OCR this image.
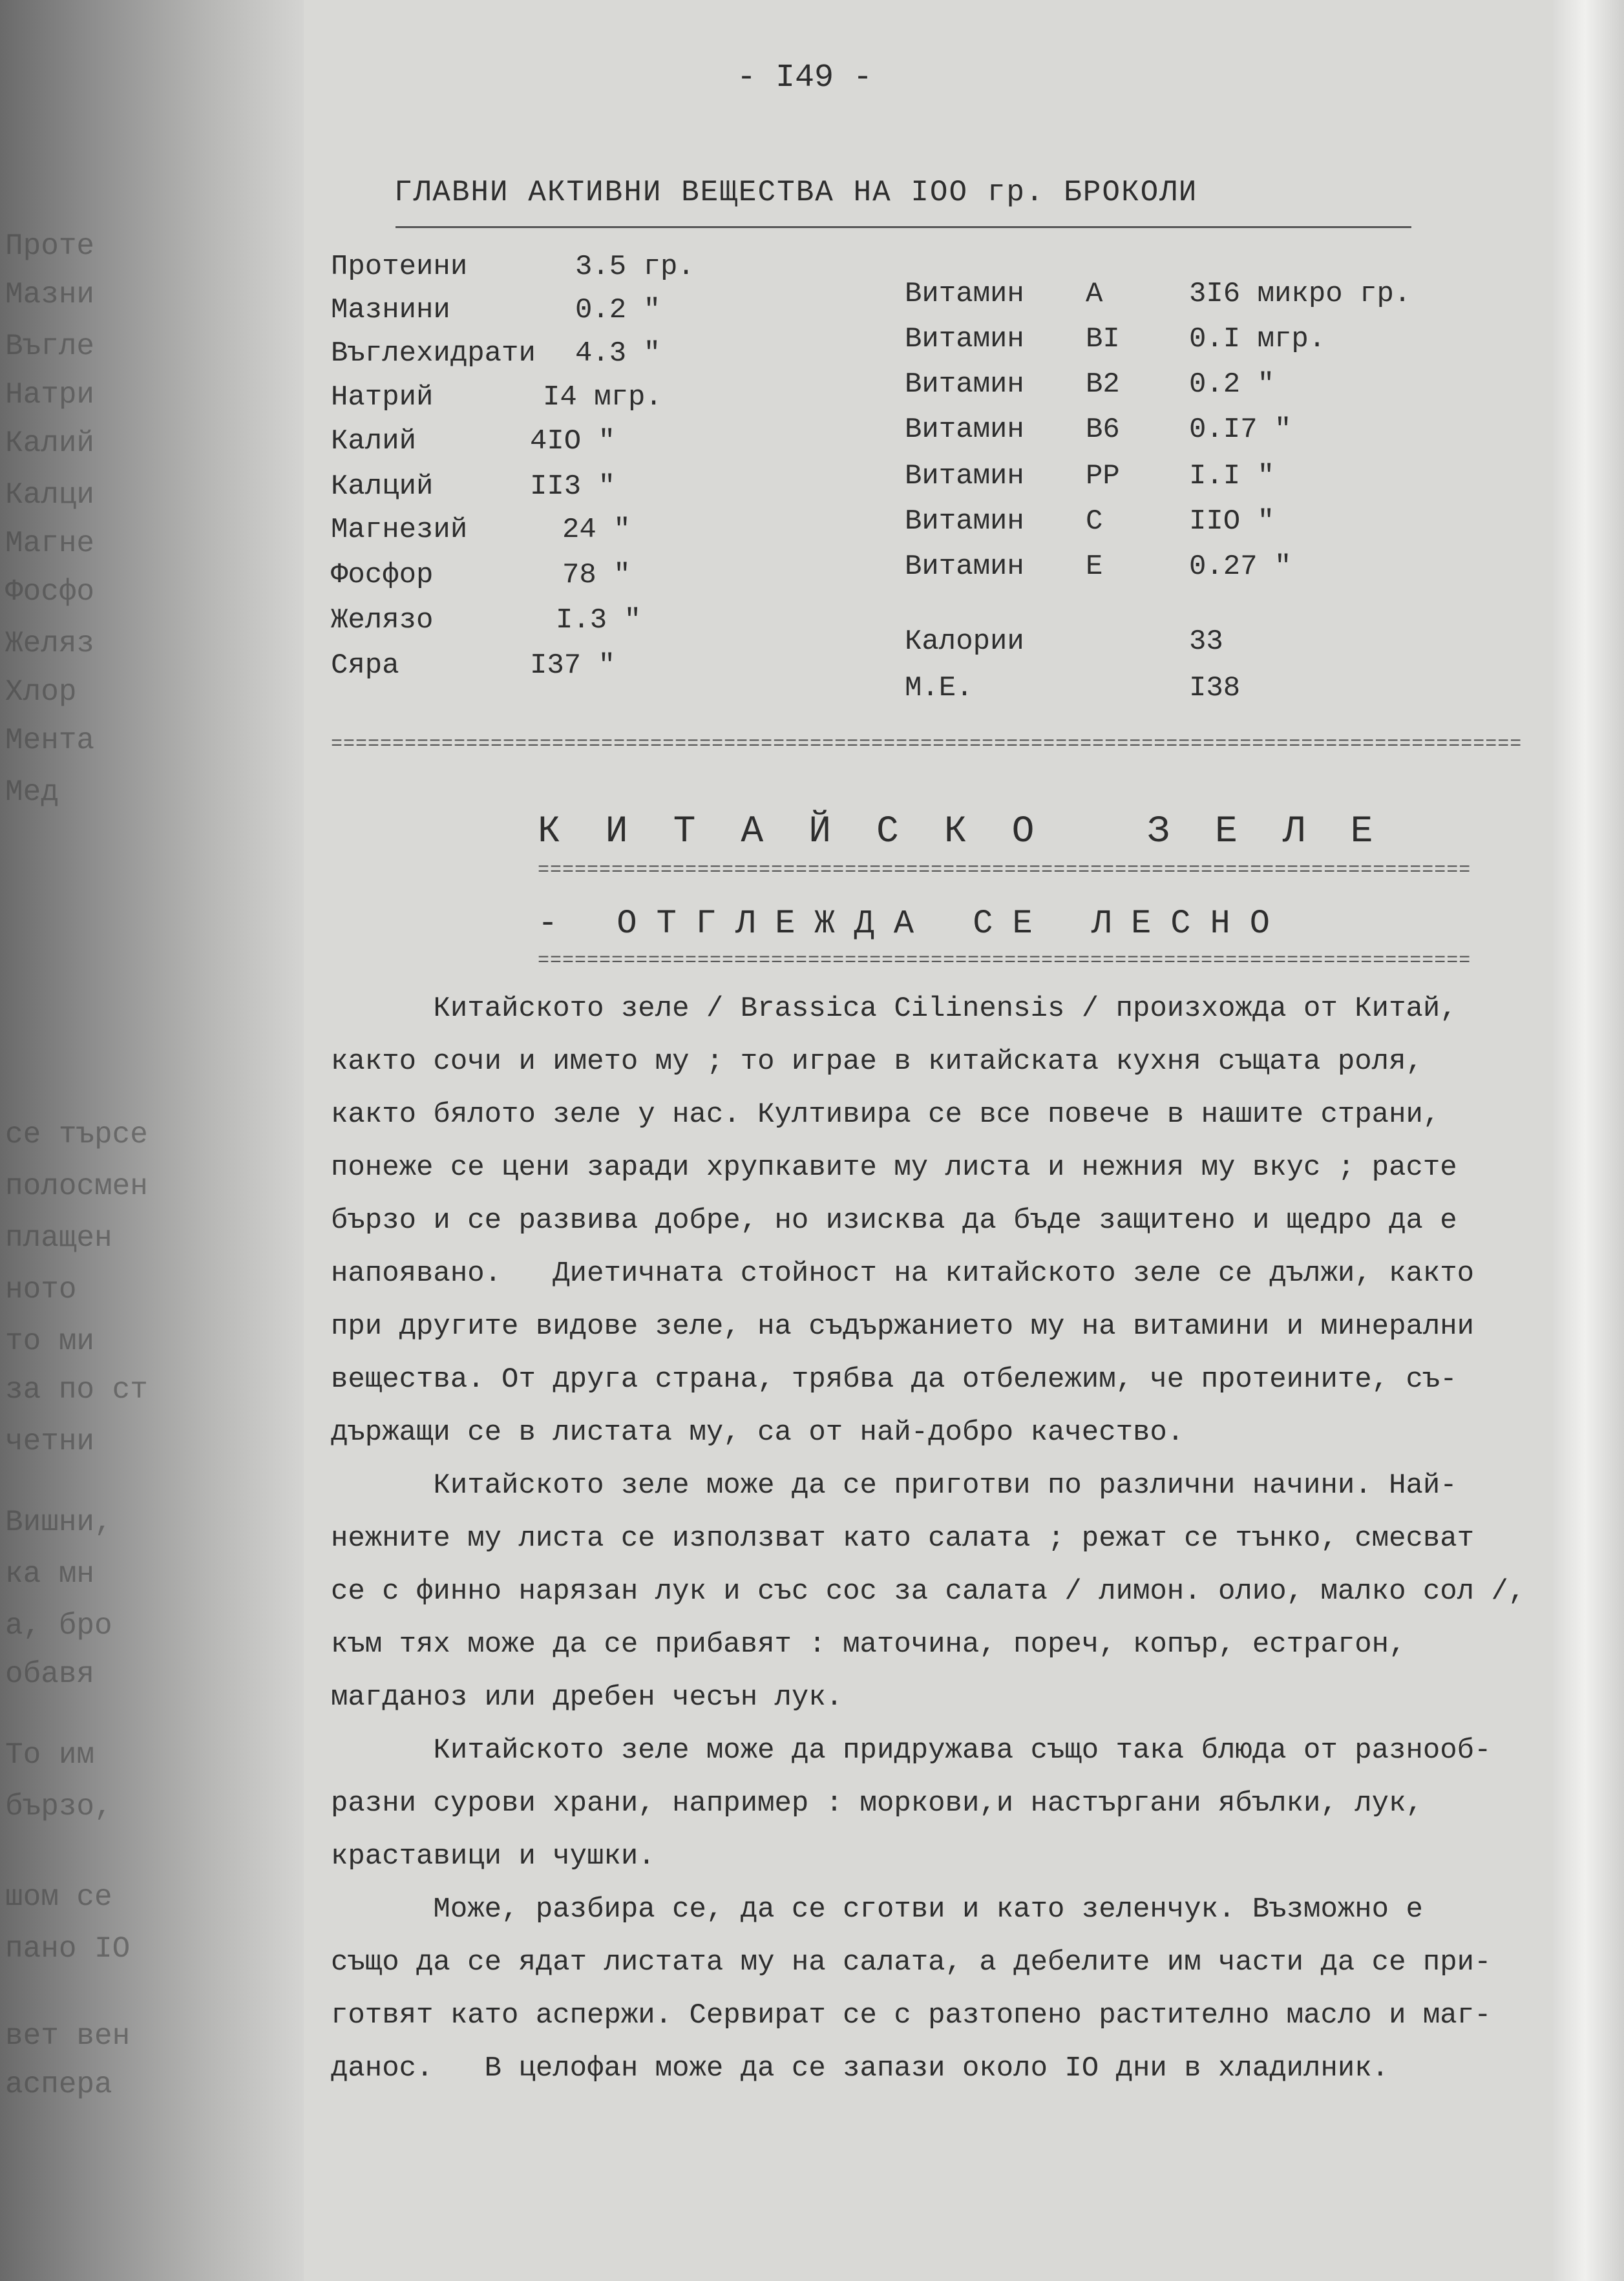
Проте
Мазни
Въгле
Натри
Калий
Калци
Магне
Фосфо
Желяз
Хлор
Мента
Мед
се търсе
полосмен
плащен
ното
то ми
за по ст
четни
Вишни,
ка мн
а, бро
обавя
То им
бързо,
шом се
пано IO
вет вен
аспера
- I49 -
ГЛАВНИ АКТИВНИ ВЕЩЕСТВА НА IOO гр. БРОКОЛИ
Протеини	3.5 гр.
Мазнини	0.2 "
Въглехидрати 4.3 "
Натрий	I4 мгр.
Калий	4IO "
Калций	II3 "
Магнезий	24 "
Фосфор	78 "
Желязо	I.3 "
Сяра	I37 "
Витамин A	3I6 микро гр.
Витамин BI 0.I мгр.
Витамин B2 0.2 "
Витамин B6 0.I7 "
Витамин PP I.I "
Витамин C	IIO "
Витамин E	0.27 "
Калории	33
М.Е.	I38
=================================================================================================
КИТАЙСКО ЗЕЛЕ
============================================================================
- ОТГЛЕЖДА СЕ ЛЕСНО
============================================================================

Китайското зеле / Brassica Cilinensis / произхожда от Китай,

както сочи и името му ; то играе в китайската кухня същата роля,

както бялото зеле у нас. Култивира се все повече в нашите страни,

понеже се цени заради хрупкавите му листа и нежния му вкус ; расте

бързо и се развива добре, но изисква да бъде защитено и щедро да е

напоявано.   Диетичната стойност на китайското зеле се дължи, както

при другите видове зеле, на съдържанието му на витамини и минерални

вещества. От друга страна, трябва да отбележим, че протеините, съ-

държащи се в листата му, са от най-добро качество.

Китайското зеле може да се приготви по различни начини. Най-

нежните му листа се използват като салата ; режат се тънко, смесват

се с финно нарязан лук и със сос за салата / лимон. олио, малко сол /,

към тях може да се прибавят : маточина, пореч, копър, естрагон,

магданоз или дребен чесън лук.

Китайското зеле може да придружава също така блюда от разнооб-

разни сурови храни, например : моркови,и настъргани ябълки, лук,

краставици и чушки.

Може, разбира се, да се сготви и като зеленчук. Възможно е

също да се ядат листата му на салата, а дебелите им части да се при-

готвят като аспержи. Сервират се с разтопено растително масло и маг-

данос.   В целофан може да се запази около IO дни в хладилник.
